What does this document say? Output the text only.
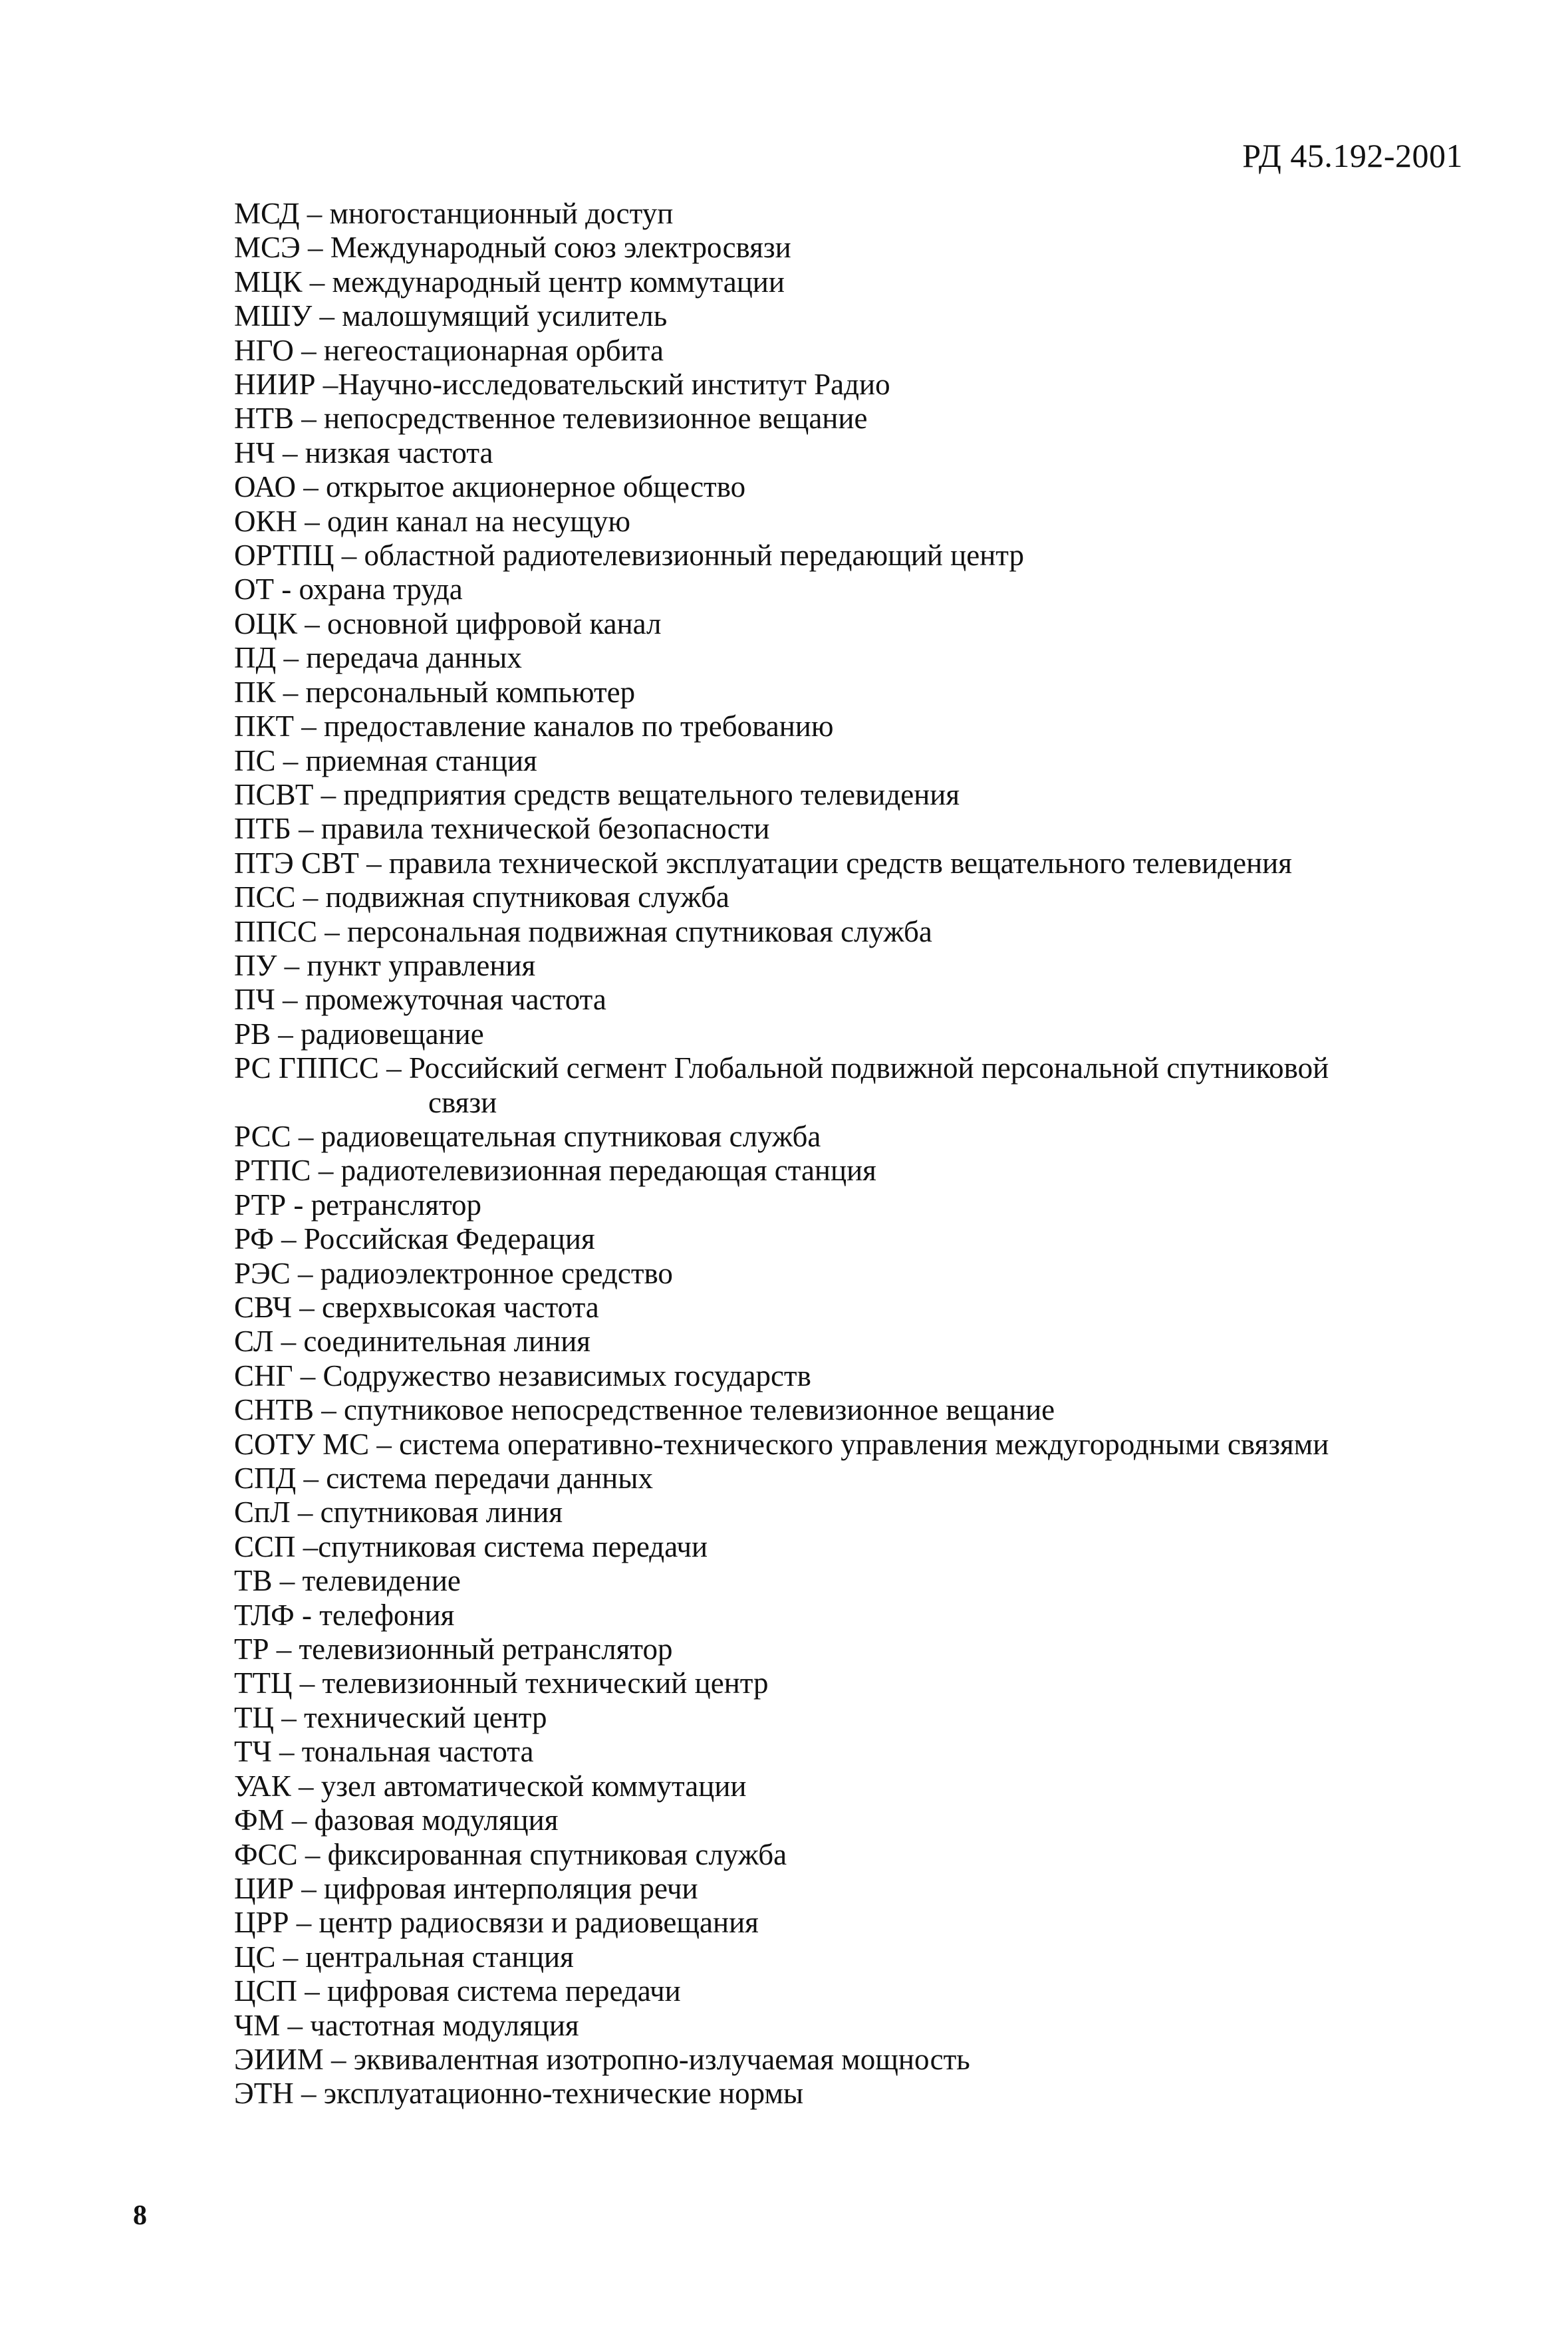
РД 45.192-2001
МСД – многостанционный доступ
МСЭ – Международный союз электросвязи
МЦК – международный центр коммутации
МШУ – малошумящий усилитель
НГО – негеостационарная орбита
НИИР –Научно-исследовательский институт Радио
НТВ – непосредственное телевизионное вещание
НЧ – низкая частота
ОАО – открытое акционерное общество
ОКН – один канал на несущую
ОРТПЦ – областной радиотелевизионный передающий центр
ОТ - охрана труда
ОЦК – основной цифровой канал
ПД – передача данных
ПК – персональный компьютер
ПКТ – предоставление каналов по требованию
ПС – приемная станция
ПСВТ – предприятия средств вещательного телевидения
ПТБ – правила технической безопасности
ПТЭ СВТ – правила технической эксплуатации средств вещательного телевидения
ПСС – подвижная спутниковая служба
ППСС – персональная подвижная спутниковая служба
ПУ – пункт управления
ПЧ – промежуточная частота
РВ – радиовещание
РС ГППСС – Российский сегмент Глобальной подвижной персональной спутниковой
связи
РСС – радиовещательная спутниковая служба
РТПС – радиотелевизионная передающая станция
РТР - ретранслятор
РФ – Российская Федерация
РЭС – радиоэлектронное средство
СВЧ – сверхвысокая частота
СЛ – соединительная линия
СНГ – Содружество независимых государств
СНТВ – спутниковое непосредственное телевизионное вещание
СОТУ МС – система оперативно-технического управления междугородными связями
СПД – система передачи данных
СпЛ – спутниковая линия
ССП –спутниковая система передачи
ТВ – телевидение
ТЛФ - телефония
ТР – телевизионный ретранслятор
ТТЦ – телевизионный технический центр
ТЦ – технический центр
ТЧ – тональная частота
УАК – узел автоматической коммутации
ФМ – фазовая модуляция
ФСС – фиксированная спутниковая служба
ЦИР – цифровая интерполяция речи
ЦРР – центр радиосвязи и радиовещания
ЦС – центральная станция
ЦСП – цифровая система передачи
ЧМ – частотная модуляция
ЭИИМ – эквивалентная изотропно-излучаемая мощность
ЭТН – эксплуатационно-технические нормы
8
